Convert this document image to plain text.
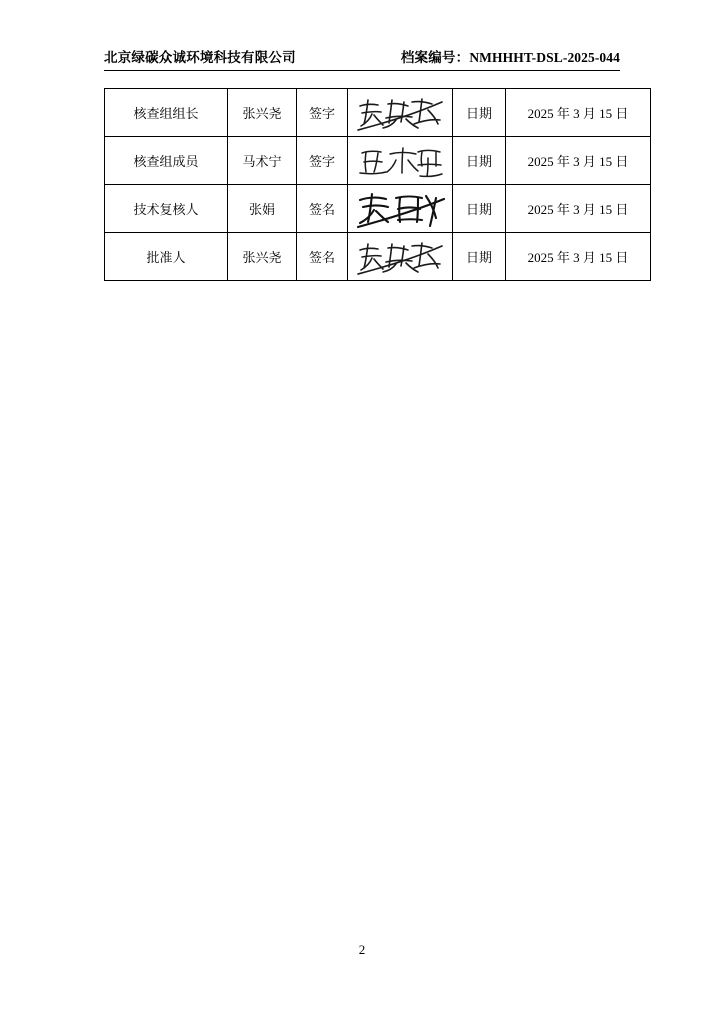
北京绿碳众诚环境科技有限公司	档案编号：NMHHHT-DSL-2025-044
核查组组长	张兴尧	签字		日期	2025 年 3 月 15 日
核查组成员	马术宁	签字		日期	2025 年 3 月 15 日
技术复核人	张娟	签名		日期	2025 年 3 月 15 日
批准人	张兴尧	签名		日期	2025 年 3 月 15 日
2
